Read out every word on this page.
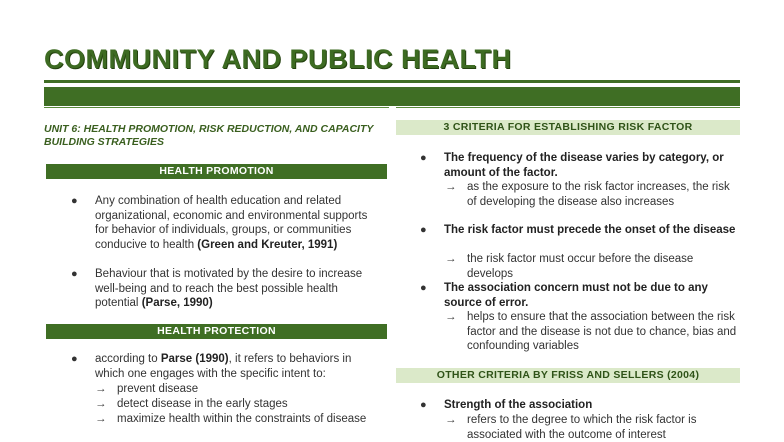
COMMUNITY AND PUBLIC HEALTH
UNIT 6: HEALTH PROMOTION, RISK REDUCTION, AND CAPACITY BUILDING STRATEGIES
HEALTH PROMOTION
● Any combination of health education and related organizational, economic and environmental supports for behavior of individuals, groups, or communities conducive to health (Green and Kreuter, 1991)
● Behaviour that is motivated by the desire to increase well-being and to reach the best possible health potential (Parse, 1990)
HEALTH PROTECTION
● according to Parse (1990), it refers to behaviors in which one engages with the specific intent to:
→ prevent disease
→ detect disease in the early stages
→ maximize health within the constraints of disease
3 CRITERIA FOR ESTABLISHING RISK FACTOR
● The frequency of the disease varies by category, or amount of the factor.
→ as the exposure to the risk factor increases, the risk of developing the disease also increases
● The risk factor must precede the onset of the disease
→ the risk factor must occur before the disease develops
● The association concern must not be due to any source of error.
→ helps to ensure that the association between the risk factor and the disease is not due to chance, bias and confounding variables
OTHER CRITERIA BY FRISS AND SELLERS (2004)
● Strength of the association
→ refers to the degree to which the risk factor is associated with the outcome of interest
